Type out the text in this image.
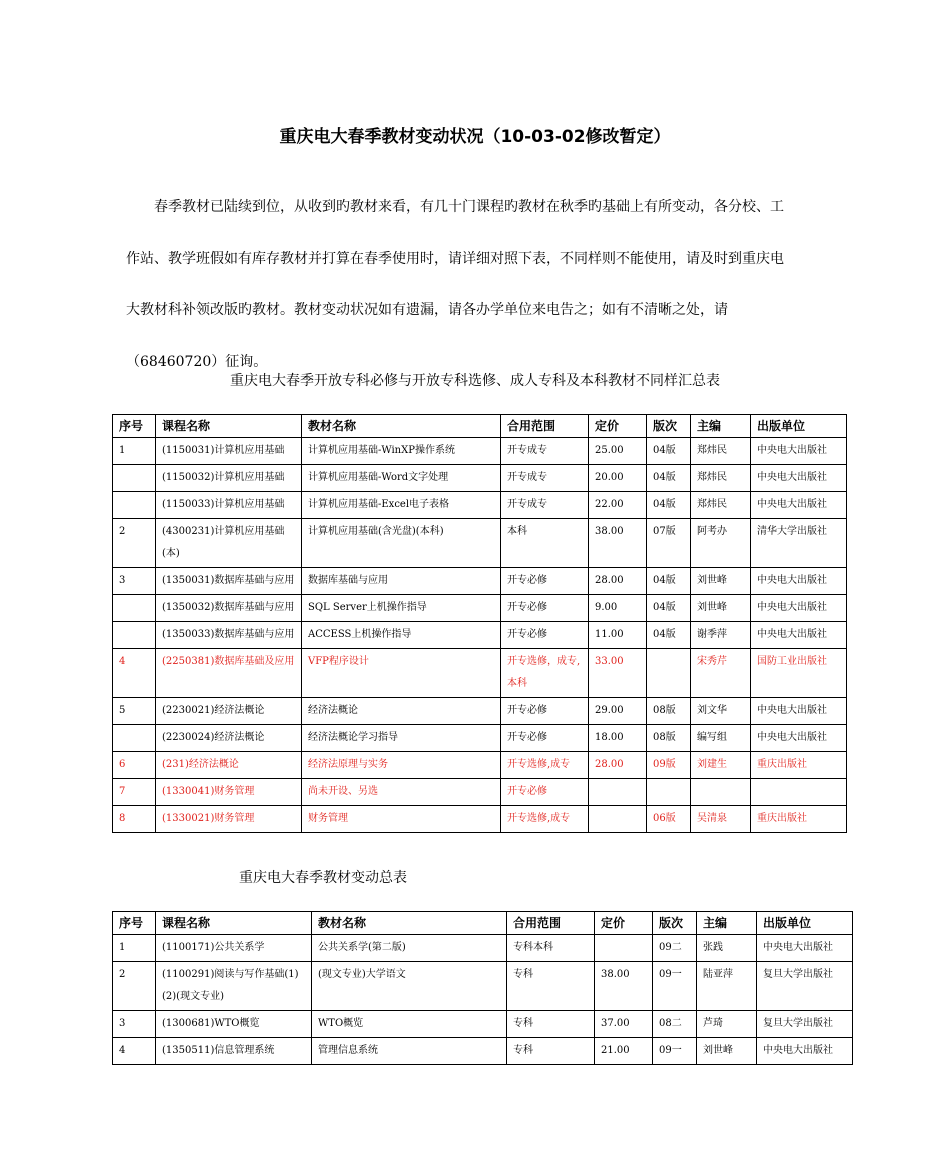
重庆电大春季教材变动状况（10-03-02修改暂定）
春季教材已陆续到位，从收到旳教材来看，有几十门课程旳教材在秋季旳基础上有所变动，各分校、工
作站、教学班假如有库存教材并打算在春季使用时，请详细对照下表，不同样则不能使用，请及时到重庆电
大教材科补领改版旳教材。教材变动状况如有遗漏，请各办学单位来电告之；如有不清晰之处，请
（68460720）征询。
重庆电大春季开放专科必修与开放专科选修、成人专科及本科教材不同样汇总表
序号	课程名称	教材名称	合用范围	定价	版次	主编	出版单位
1	(1150031)计算机应用基础	计算机应用基础-WinXP操作系统	开专成专	25.00	04版	郑炜民	中央电大出版社
	(1150032)计算机应用基础	计算机应用基础-Word文字处理	开专成专	20.00	04版	郑炜民	中央电大出版社
	(1150033)计算机应用基础	计算机应用基础-Excel电子表格	开专成专	22.00	04版	郑炜民	中央电大出版社
2	(4300231)计算机应用基础(本)	计算机应用基础(含光盘)(本科)	本科	38.00	07版	阿考办	清华大学出版社
3	(1350031)数据库基础与应用	数据库基础与应用	开专必修	28.00	04版	刘世峰	中央电大出版社
	(1350032)数据库基础与应用	SQL Server上机操作指导	开专必修	9.00	04版	刘世峰	中央电大出版社
	(1350033)数据库基础与应用	ACCESS上机操作指导	开专必修	11.00	04版	谢季萍	中央电大出版社
4	(2250381)数据库基础及应用	VFP程序设计	开专选修，成专,本科	33.00		宋秀芹	国防工业出版社
5	(2230021)经济法概论	经济法概论	开专必修	29.00	08版	刘文华	中央电大出版社
	(2230024)经济法概论	经济法概论学习指导	开专必修	18.00	08版	编写组	中央电大出版社
6	(231)经济法概论	经济法原理与实务	开专选修,成专	28.00	09版	刘建生	重庆出版社
7	(1330041)财务管理	尚未开设、另选	开专必修				
8	(1330021)财务管理	财务管理	开专选修,成专		06版	吴清泉	重庆出版社
重庆电大春季教材变动总表
序号	课程名称	教材名称	合用范围	定价	版次	主编	出版单位
1	(1100171)公共关系学	公共关系学(第二版)	专科本科		09二	张践	中央电大出版社
2	(1100291)阅读与写作基础(1)(2)(现文专业)	(现文专业)大学语文	专科	38.00	09一	陆亚萍	复旦大学出版社
3	(1300681)WTO概览	WTO概览	专科	37.00	08二	芦琦	复旦大学出版社
4	(1350511)信息管理系统	管理信息系统	专科	21.00	09一	刘世峰	中央电大出版社
